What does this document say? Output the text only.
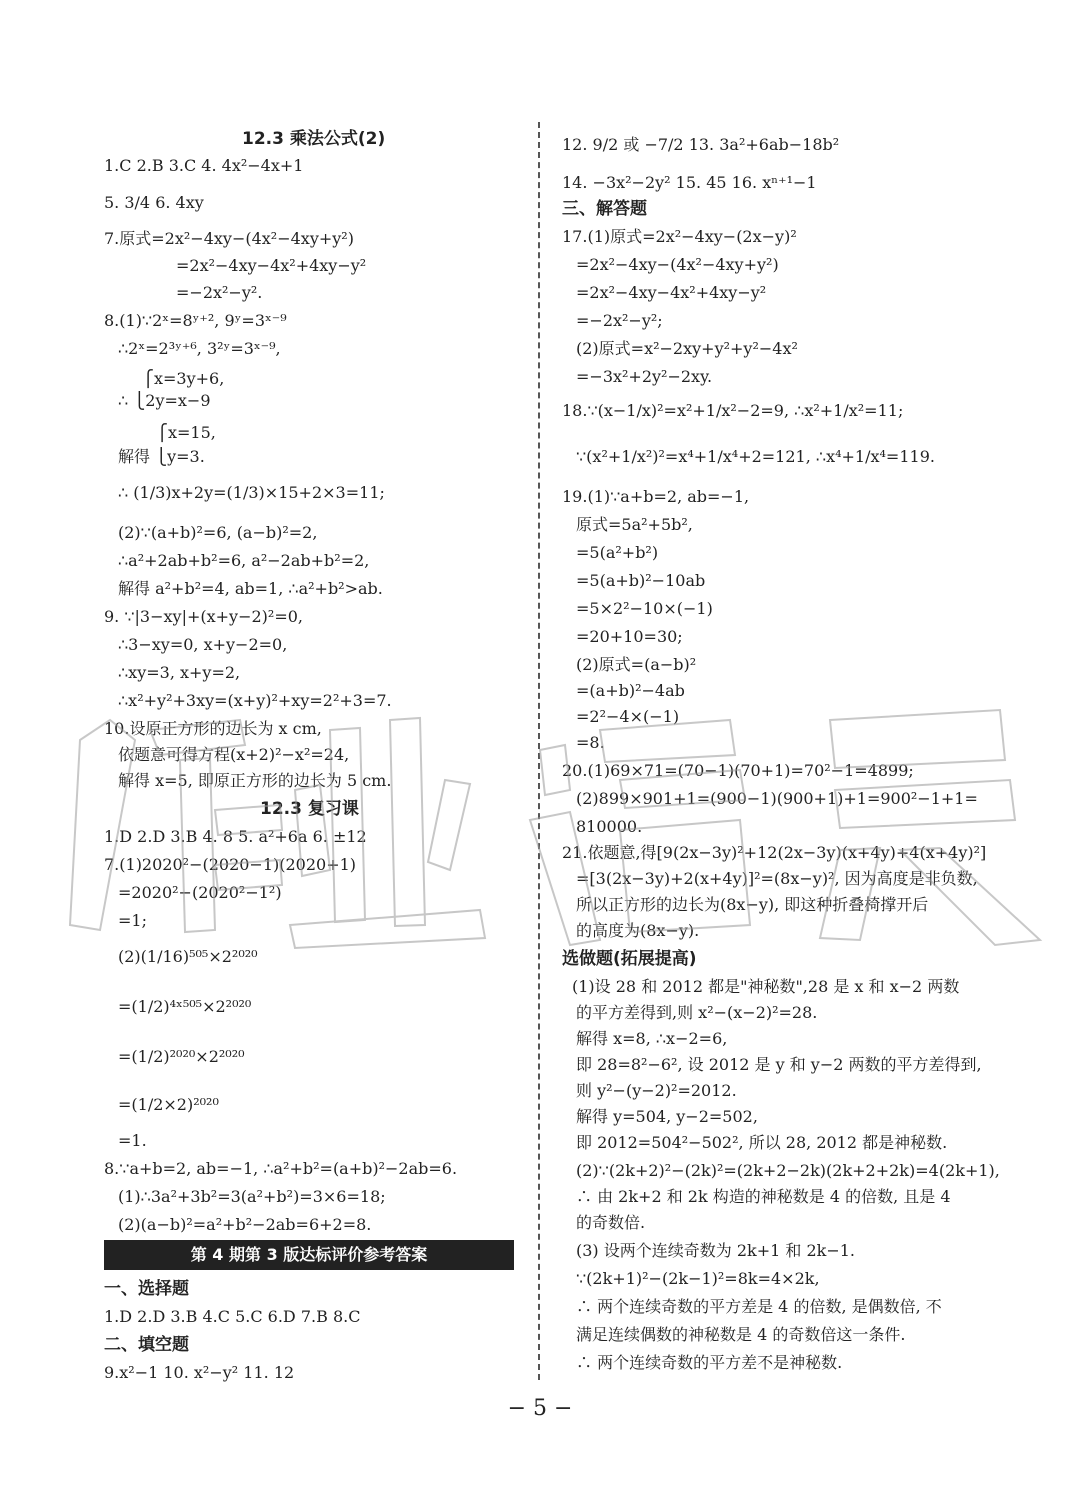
12.3 乘法公式(2)
1.C 2.B 3.C 4. 4x²−4x+1
5. 3/4 6. 4xy
7.原式=2x²−4xy−(4x²−4xy+y²)
=2x²−4xy−4x²+4xy−y²
=−2x²−y².
8.(1)∵2ˣ=8ʸ⁺², 9ʸ=3ˣ⁻⁹
∴2ˣ=2³ʸ⁺⁶, 3²ʸ=3ˣ⁻⁹,
⎧x=3y+6,
∴ ⎩2y=x−9
⎧x=15,
解得 ⎩y=3.
∴ (1/3)x+2y=(1/3)×15+2×3=11;
(2)∵(a+b)²=6, (a−b)²=2,
∴a²+2ab+b²=6, a²−2ab+b²=2,
解得 a²+b²=4, ab=1, ∴a²+b²>ab.
9. ∵|3−xy|+(x+y−2)²=0,
∴3−xy=0, x+y−2=0,
∴xy=3, x+y=2,
∴x²+y²+3xy=(x+y)²+xy=2²+3=7.
10.设原正方形的边长为 x cm,
依题意可得方程(x+2)²−x²=24,
解得 x=5, 即原正方形的边长为 5 cm.
12.3 复习课
1.D 2.D 3.B 4. 8 5. a²+6a 6. ±12
7.(1)2020²−(2020−1)(2020+1)
=2020²−(2020²−1²)
=1;
(2)(1/16)⁵⁰⁵×2²⁰²⁰
=(1/2)⁴ˣ⁵⁰⁵×2²⁰²⁰
=(1/2)²⁰²⁰×2²⁰²⁰
=(1/2×2)²⁰²⁰
=1.
8.∵a+b=2, ab=−1, ∴a²+b²=(a+b)²−2ab=6.
(1)∴3a²+3b²=3(a²+b²)=3×6=18;
(2)(a−b)²=a²+b²−2ab=6+2=8.
一、选择题
1.D 2.D 3.B 4.C 5.C 6.D 7.B 8.C
二、填空题
9.x²−1 10. x²−y² 11. 12
第 4 期第 3 版达标评价参考答案
12. 9/2 或 −7/2 13. 3a²+6ab−18b²
14. −3x²−2y² 15. 45 16. xⁿ⁺¹−1
三、解答题
17.(1)原式=2x²−4xy−(2x−y)²
=2x²−4xy−(4x²−4xy+y²)
=2x²−4xy−4x²+4xy−y²
=−2x²−y²;
(2)原式=x²−2xy+y²+y²−4x²
=−3x²+2y²−2xy.
18.∵(x−1/x)²=x²+1/x²−2=9, ∴x²+1/x²=11;
∵(x²+1/x²)²=x⁴+1/x⁴+2=121, ∴x⁴+1/x⁴=119.
19.(1)∵a+b=2, ab=−1,
原式=5a²+5b²,
=5(a²+b²)
=5(a+b)²−10ab
=5×2²−10×(−1)
=20+10=30;
(2)原式=(a−b)²
=(a+b)²−4ab
=2²−4×(−1)
=8.
20.(1)69×71=(70−1)(70+1)=70²−1=4899;
(2)899×901+1=(900−1)(900+1)+1=900²−1+1=
810000.
21.依题意,得[9(2x−3y)²+12(2x−3y)(x+4y)+4(x+4y)²]
=[3(2x−3y)+2(x+4y)]²=(8x−y)², 因为高度是非负数,
所以正方形的边长为(8x−y), 即这种折叠椅撑开后
的高度为(8x−y).
选做题(拓展提高)
(1)设 28 和 2012 都是"神秘数",28 是 x 和 x−2 两数
的平方差得到,则 x²−(x−2)²=28.
解得 x=8, ∴x−2=6,
即 28=8²−6², 设 2012 是 y 和 y−2 两数的平方差得到,
则 y²−(y−2)²=2012.
解得 y=504, y−2=502,
即 2012=504²−502², 所以 28, 2012 都是神秘数.
(2)∵(2k+2)²−(2k)²=(2k+2−2k)(2k+2+2k)=4(2k+1),
∴ 由 2k+2 和 2k 构造的神秘数是 4 的倍数, 且是 4
的奇数倍.
(3) 设两个连续奇数为 2k+1 和 2k−1.
∵(2k+1)²−(2k−1)²=8k=4×2k,
∴ 两个连续奇数的平方差是 4 的倍数, 是偶数倍, 不
满足连续偶数的神秘数是 4 的奇数倍这一条件.
∴ 两个连续奇数的平方差不是神秘数.
− 5 −
